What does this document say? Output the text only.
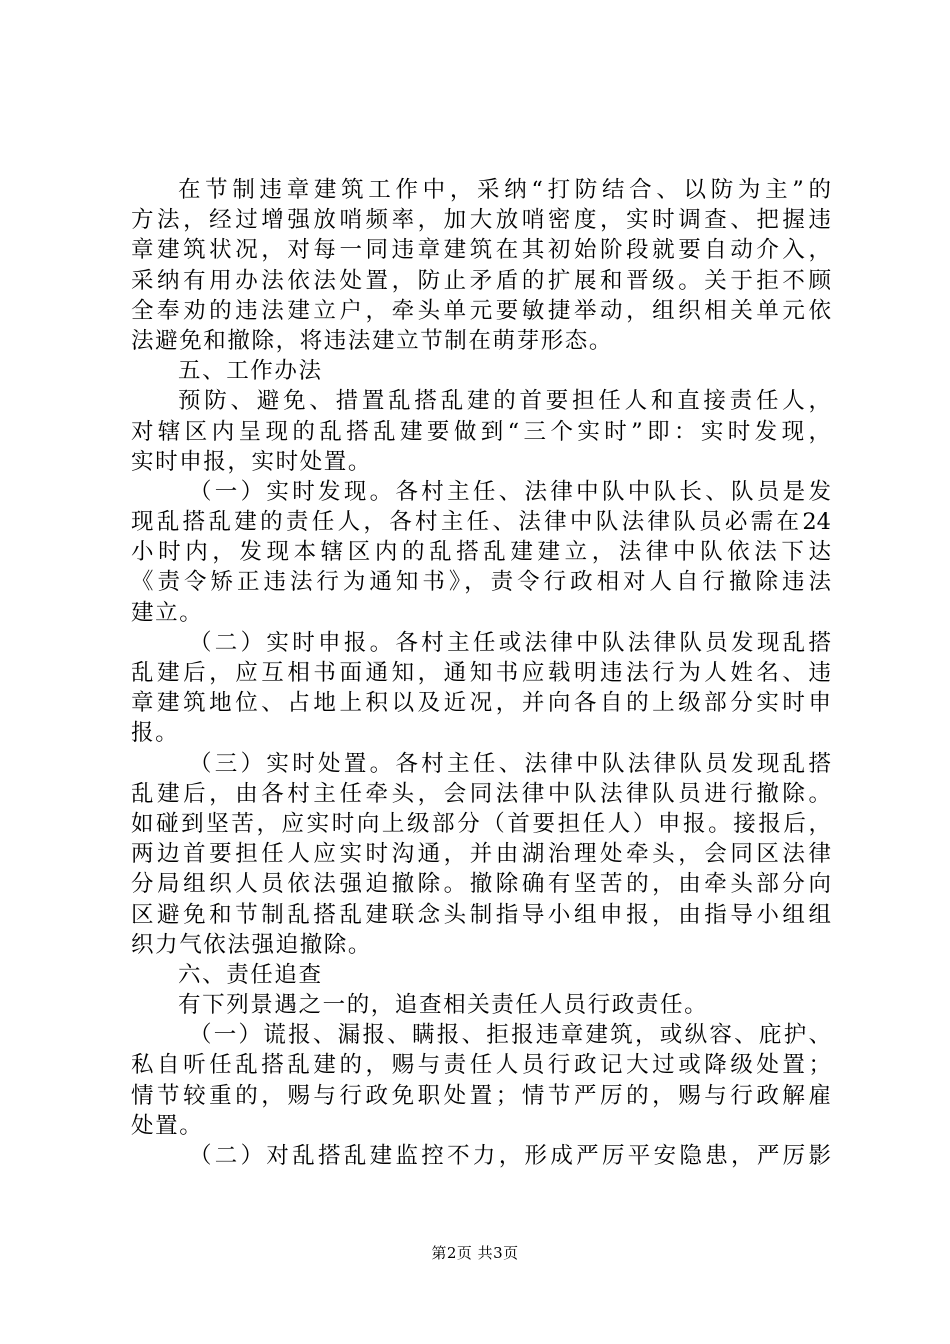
在节制违章建筑工作中，采纳“打防结合、以防为主”的
方法，经过增强放哨频率，加大放哨密度，实时调查、把握违
章建筑状况，对每一同违章建筑在其初始阶段就要自动介入，
采纳有用办法依法处置，防止矛盾的扩展和晋级。关于拒不顾
全奉劝的违法建立户，牵头单元要敏捷举动，组织相关单元依
法避免和撤除，将违法建立节制在萌芽形态。
五、工作办法
预防、避免、措置乱搭乱建的首要担任人和直接责任人，
对辖区内呈现的乱搭乱建要做到“三个实时”即：实时发现，
实时申报，实时处置。
（一）实时发现。各村主任、法律中队中队长、队员是发
现乱搭乱建的责任人，各村主任、法律中队法律队员必需在24
小时内，发现本辖区内的乱搭乱建建立，法律中队依法下达
《责令矫正违法行为通知书》，责令行政相对人自行撤除违法
建立。
（二）实时申报。各村主任或法律中队法律队员发现乱搭
乱建后，应互相书面通知，通知书应载明违法行为人姓名、违
章建筑地位、占地上积以及近况，并向各自的上级部分实时申
报。
（三）实时处置。各村主任、法律中队法律队员发现乱搭
乱建后，由各村主任牵头，会同法律中队法律队员进行撤除。
如碰到坚苦，应实时向上级部分（首要担任人）申报。接报后，
两边首要担任人应实时沟通，并由湖治理处牵头，会同区法律
分局组织人员依法强迫撤除。撤除确有坚苦的，由牵头部分向
区避免和节制乱搭乱建联念头制指导小组申报，由指导小组组
织力气依法强迫撤除。
六、责任追查
有下列景遇之一的，追查相关责任人员行政责任。
（一）谎报、漏报、瞒报、拒报违章建筑，或纵容、庇护、
私自听任乱搭乱建的，赐与责任人员行政记大过或降级处置；
情节较重的，赐与行政免职处置；情节严厉的，赐与行政解雇
处置。
（二）对乱搭乱建监控不力，形成严厉平安隐患，严厉影
第2页 共3页
